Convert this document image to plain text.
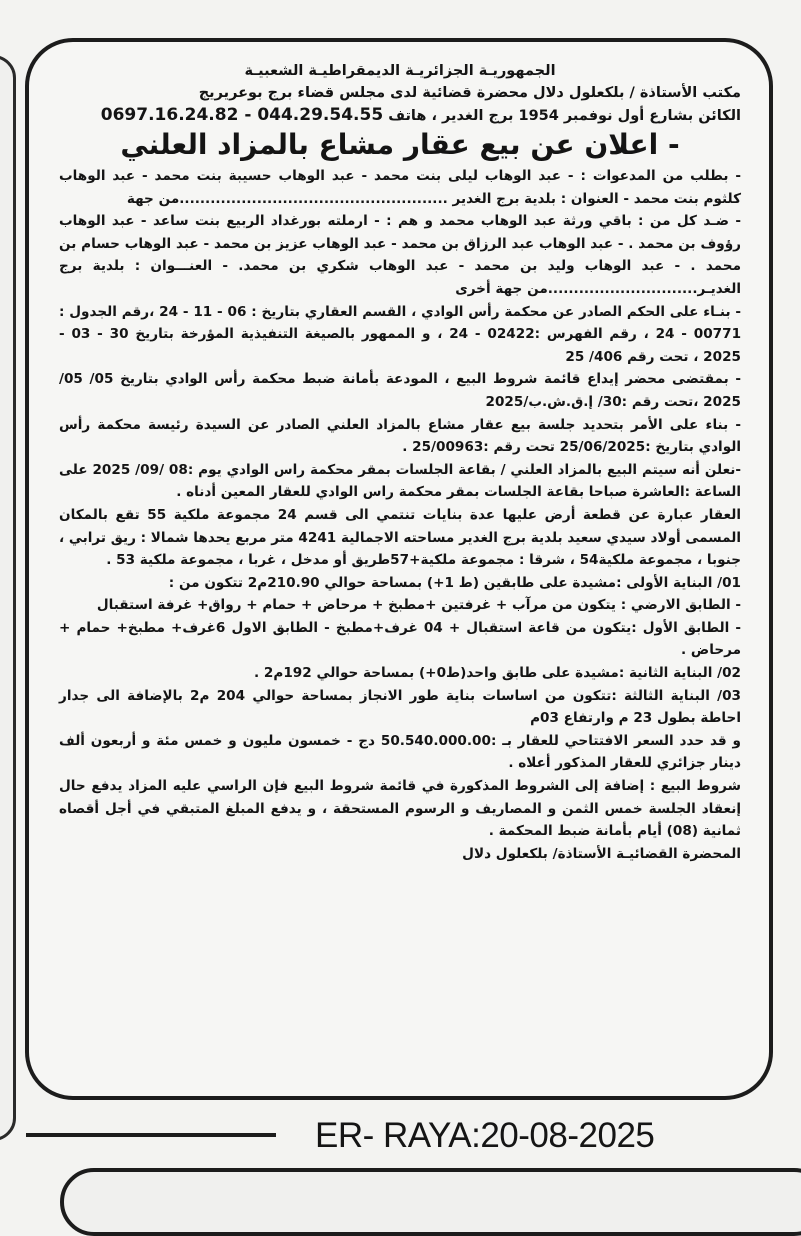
الجمهوريـة الجزائريـة الديمقراطيـة الشعبيـة

مكتب الأستاذة / بلكعلول دلال محضرة قضائية لدى مجلس قضاء برج بوعريريج

الكائن بشارع أول نوفمبر 1954 برج الغدير ، هاتف 0697.16.24.82 - 044.29.54.55

- اعلان عن بيع عقار مشاع بالمزاد العلني

- بطلب من المدعوات : - عبد الوهاب ليلى بنت محمد - عبد الوهاب حسيبة بنت محمد - عبد الوهاب كلثوم بنت محمد - العنوان : بلدية برج الغدير ....................................................من جهة

- ضـد كل من : باقي ورثة عبد الوهاب محمد و هم : - ارملته بورغداد الربيع بنت ساعد - عبد الوهاب رؤوف بن محمد . - عبد الوهاب عبد الرزاق بن محمد - عبد الوهاب عزيز بن محمد - عبد الوهاب حسام بن محمد . - عبد الوهاب وليد بن محمد - عبد الوهاب شكري بن محمد. - العنـــوان : بلدية برج الغديـر.............................من جهة أخرى

- بنـاء على الحكم الصادر عن محكمة رأس الوادي ، القسم العقاري بتاريخ : 06 - 11 - 24 ،رقم الجدول : 00771 - 24 ، رقم الفهرس :02422 - 24 ، و الممهور بالصيغة التنفيذية المؤرخة بتاريخ 30 - 03 - 2025 ، تحت رقم 406/ 25

- بمقتضى محضر إيداع قائمة شروط البيع ، المودعة بأمانة ضبط محكمة رأس الوادي بتاريخ 05/ 05/ 2025 ،تحت رقم :30/ إ.ق.ش.ب/2025

- بناء على الأمر بتحديد جلسة بيع عقار مشاع بالمزاد العلني الصادر عن السيدة رئيسة محكمة رأس الوادي بتاريخ :25/06/2025 تحت رقم :25/00963 .

-نعلن أنه سيتم البيع بالمزاد العلني / بقاعة الجلسات بمقر محكمة راس الوادي يوم :08 /09/ 2025 على الساعة :العاشرة صباحا بقاعة الجلسات بمقر محكمة راس الوادي للعقار المعين أدناه .

العقار عبارة عن قطعة أرض عليها عدة بنايات تنتمي الى قسم 24 مجموعة ملكية 55 تقع بالمكان المسمى أولاد سيدي سعيد بلدية برج الغدير مساحته الاجمالية 4241 متر مربع يحدها شمالا : ريق ترابي ، جنوبا ، مجموعة ملكية54 ، شرقا : مجموعة ملكية+57طريق أو مدخل ، غربا ، مجموعة ملكية 53 .

01/ البناية الأولى :مشيدة على طابقين (ط 1+) بمساحة حوالي 210.90م2 تتكون من :

- الطابق الارضي : يتكون من مرآب + غرفتين +مطبخ + مرحاض + حمام + رواق+ غرفة استقبال

- الطابق الأول :يتكون من قاعة استقبال + 04 غرف+مطبخ - الطابق الاول 6غرف+ مطبخ+ حمام + مرحاض .

02/ البناية الثانية :مشيدة على طابق واحد(ط0+) بمساحة حوالي 192م2 .

03/ البناية الثالثة :تتكون من اساسات بناية طور الانجاز بمساحة حوالي 204 م2 بالإضافة الى جدار احاطة بطول 23 م وارتفاع 03م

و قد حدد السعر الافتتاحي للعقار بـ :50.540.000.00 دج - خمسون مليون و خمس مئة و أربعون ألف دينار جزائري للعقار المذكور أعلاه .

شروط البيع : إضافة إلى الشروط المذكورة في قائمة شروط البيع فإن الراسي عليه المزاد يدفع حال إنعقاد الجلسة خمس الثمن و المصاريف و الرسوم المستحقة ، و يدفع المبلغ المتبقي في أجل أقصاه ثمانية (08) أيام بأمانة ضبط المحكمة .

المحضرة القضائيـة الأستاذة/ بلكعلول دلال

ER- RAYA:20-08-2025
